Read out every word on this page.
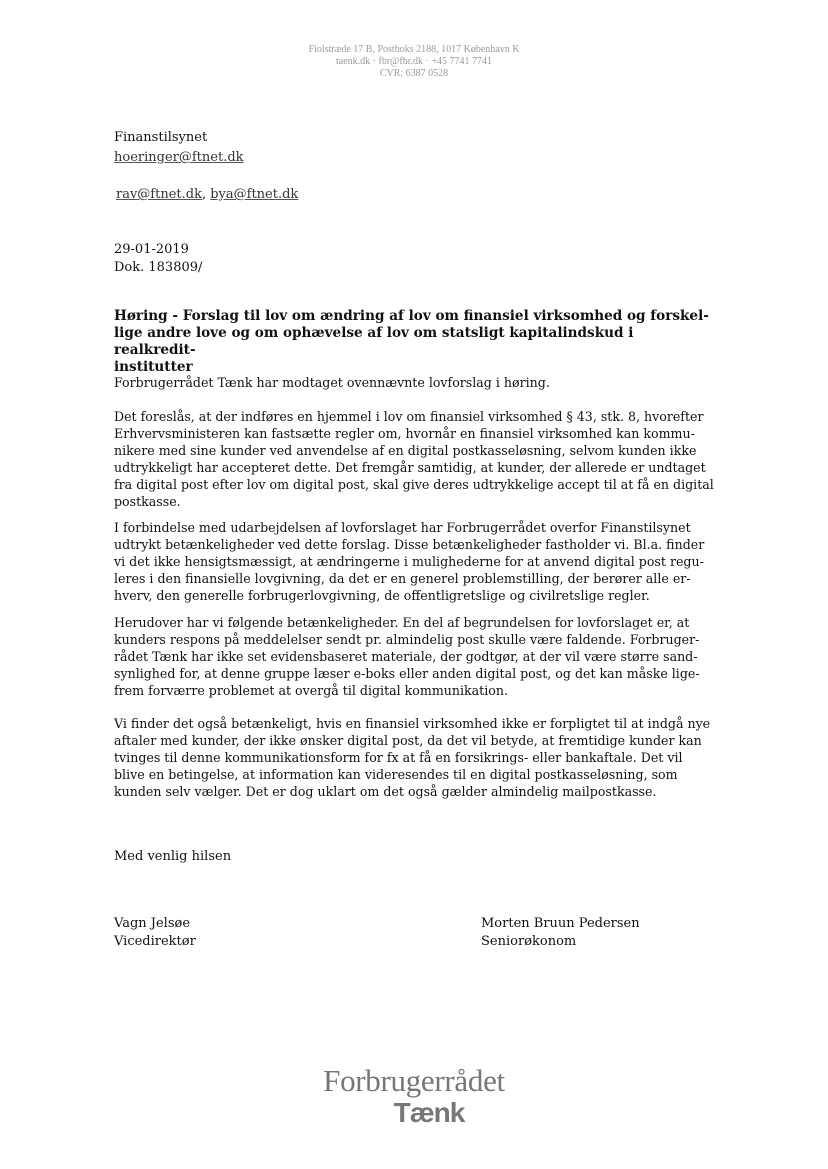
Fiolstræde 17 B, Postboks 2188, 1017 København K
taenk.dk · fbr@fbr.dk · +45 7741 7741
CVR: 6387 0528
Finanstilsynet
hoeringer@ftnet.dk
rav@ftnet.dk, bya@ftnet.dk
29-01-2019
Dok. 183809/
Høring - Forslag til lov om ændring af lov om finansiel virksomhed og forskel-
lige andre love og om ophævelse af lov om statsligt kapitalindskud i realkredit-
institutter

Forbrugerrådet Tænk har modtaget ovennævnte lovforslag i høring.

Det foreslås, at der indføres en hjemmel i lov om finansiel virksomhed § 43, stk. 8, hvorefter

Erhvervsministeren kan fastsætte regler om, hvornår en finansiel virksomhed kan kommu-

nikere med sine kunder ved anvendelse af en digital postkasseløsning, selvom kunden ikke

udtrykkeligt har accepteret dette. Det fremgår samtidig, at kunder, der allerede er undtaget

fra digital post efter lov om digital post, skal give deres udtrykkelige accept til at få en digital

postkasse.

I forbindelse med udarbejdelsen af lovforslaget har Forbrugerrådet overfor Finanstilsynet

udtrykt betænkeligheder ved dette forslag. Disse betænkeligheder fastholder vi. Bl.a. finder

vi det ikke hensigtsmæssigt, at ændringerne i mulighederne for at anvend digital post regu-

leres i den finansielle lovgivning, da det er en generel problemstilling, der berører alle er-

hverv, den generelle forbrugerlovgivning, de offentligretslige og civilretslige regler.

Herudover har vi følgende betænkeligheder. En del af begrundelsen for lovforslaget er, at

kunders respons på meddelelser sendt pr. almindelig post skulle være faldende. Forbruger-

rådet Tænk har ikke set evidensbaseret materiale, der godtgør, at der vil være større sand-

synlighed for, at denne gruppe læser e-boks eller anden digital post, og det kan måske lige-

frem forværre problemet at overgå til digital kommunikation.

Vi finder det også betænkeligt, hvis en finansiel virksomhed ikke er forpligtet til at indgå nye

aftaler med kunder, der ikke ønsker digital post, da det vil betyde, at fremtidige kunder kan

tvinges til denne kommunikationsform for fx at få en forsikrings- eller bankaftale. Det vil

blive en betingelse, at information kan videresendes til en digital postkasseløsning, som

kunden selv vælger. Det er dog uklart om det også gælder almindelig mailpostkasse.

Med venlig hilsen
Vagn Jelsøe
Vicedirektør
Morten Bruun Pedersen
Seniorøkonom
Forbrugerrådet
Tænk
